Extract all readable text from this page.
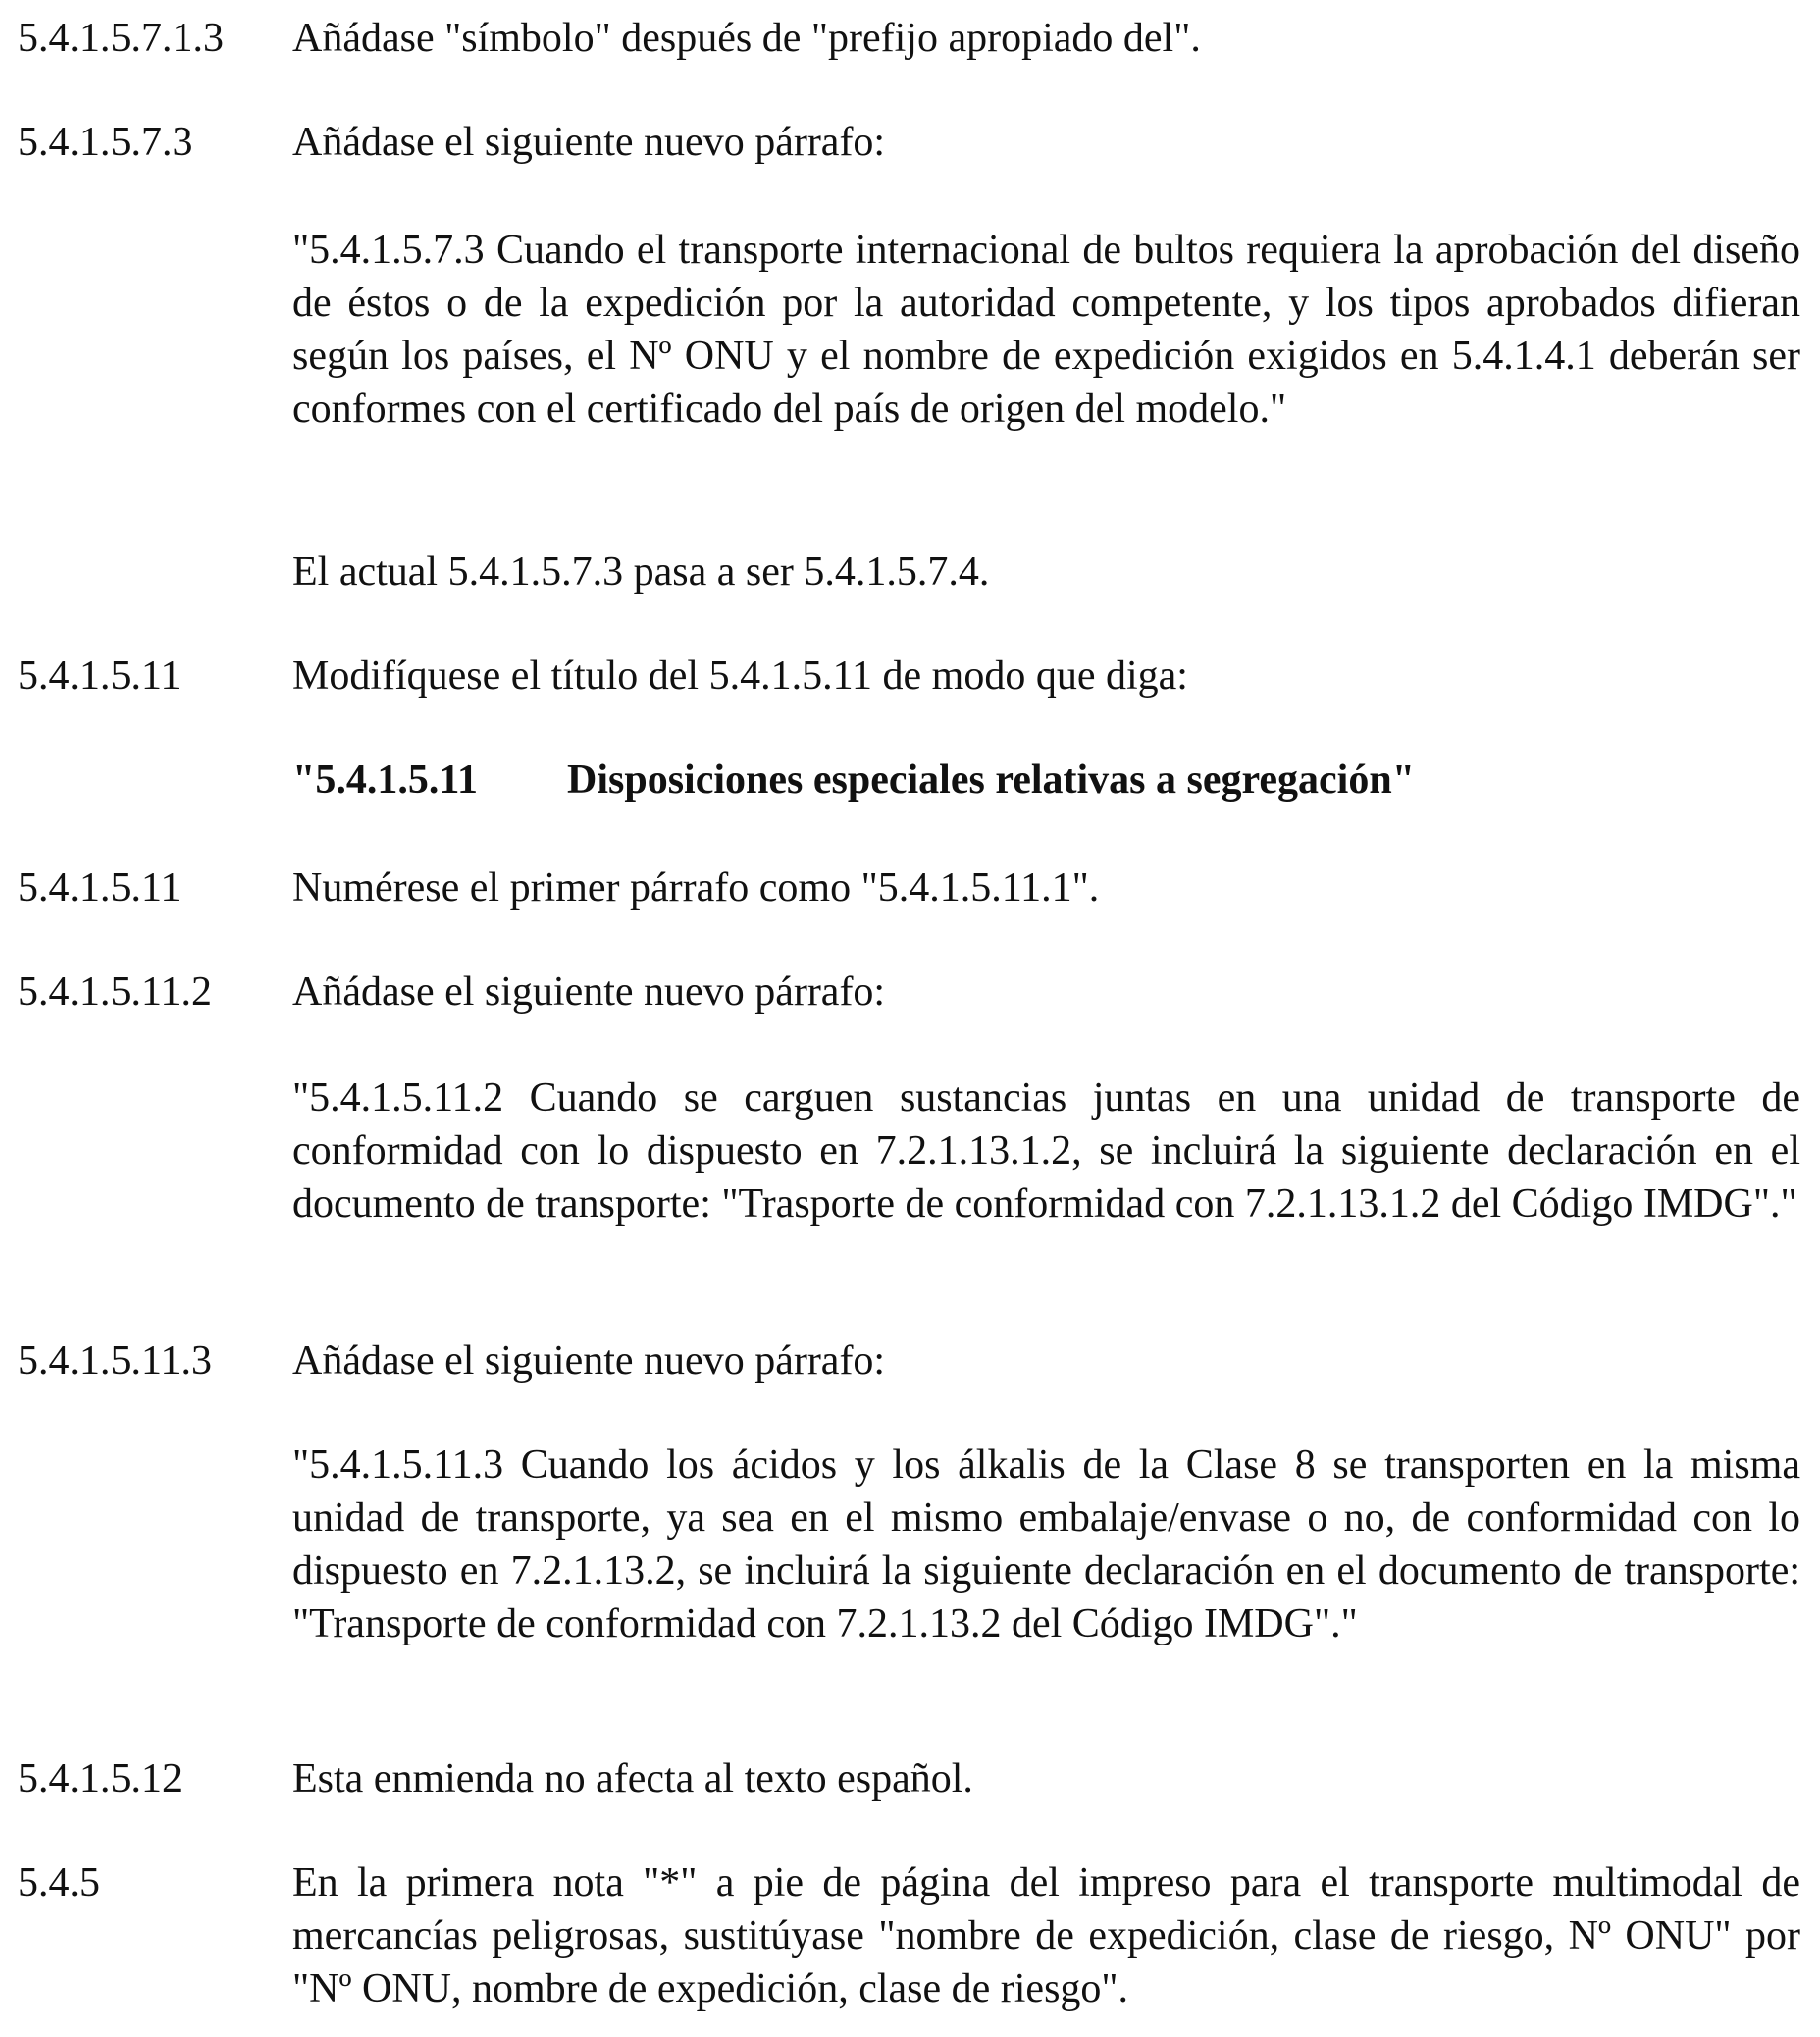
5.4.1.5.7.1.3 Añádase "símbolo" después de "prefijo apropiado del".
5.4.1.5.7.3 Añádase el siguiente nuevo párrafo:
"5.4.1.5.7.3 Cuando el transporte internacional de bultos requiera la aprobación del diseño de éstos o de la expedición por la autoridad competente, y los tipos aprobados difieran según los países, el Nº ONU y el nombre de expedición exigidos en 5.4.1.4.1 deberán ser conformes con el certificado del país de origen del modelo."
El actual 5.4.1.5.7.3 pasa a ser 5.4.1.5.7.4.
5.4.1.5.11	Modifíquese el título del 5.4.1.5.11 de modo que diga:
"5.4.1.5.11 Disposiciones especiales relativas a segregación"
5.4.1.5.11	Numérese el primer párrafo como "5.4.1.5.11.1".
5.4.1.5.11.2 Añádase el siguiente nuevo párrafo:
"5.4.1.5.11.2 Cuando se carguen sustancias juntas en una unidad de transporte de conformidad con lo dispuesto en 7.2.1.13.1.2, se incluirá la siguiente declaración en el documento de transporte: "Trasporte de conformidad con 7.2.1.13.1.2 del Código IMDG"."
5.4.1.5.11.3 Añádase el siguiente nuevo párrafo:
"5.4.1.5.11.3 Cuando los ácidos y los álkalis de la Clase 8 se transporten en la misma unidad de transporte, ya sea en el mismo embalaje/envase o no, de conformidad con lo dispuesto en 7.2.1.13.2, se incluirá la siguiente declaración en el documento de transporte: "Transporte de conformidad con 7.2.1.13.2 del Código IMDG"."
5.4.1.5.12	Esta enmienda no afecta al texto español.
5.4.5	En la primera nota "*" a pie de página del impreso para el transporte multimodal de mercancías peligrosas, sustitúyase "nombre de expedición, clase de riesgo, Nº ONU" por "Nº ONU, nombre de expedición, clase de riesgo".
